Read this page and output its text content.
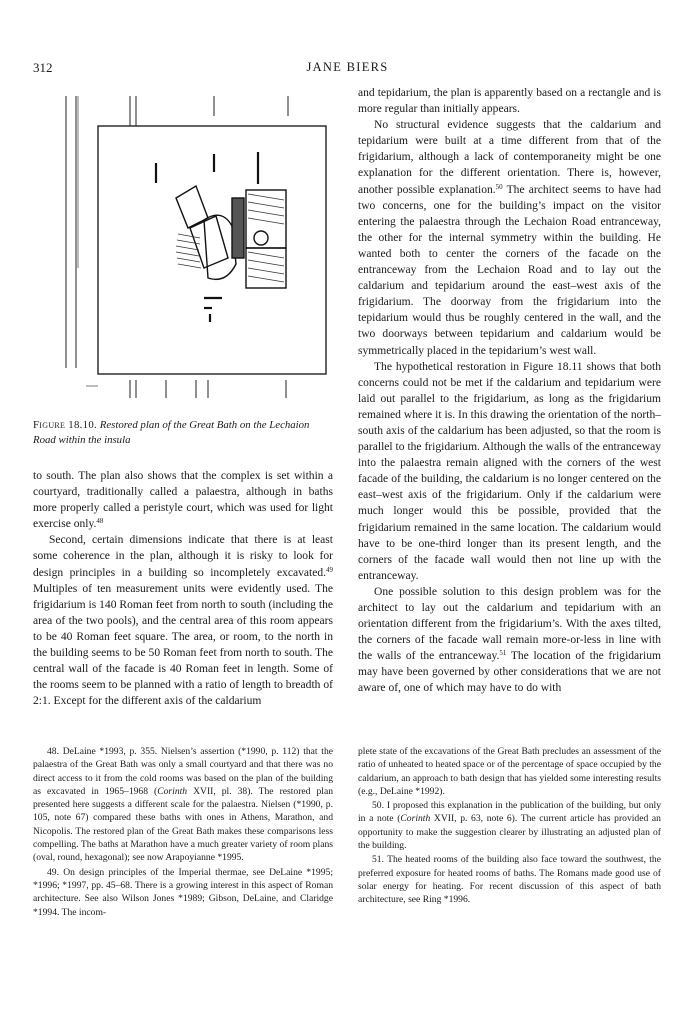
312	JANE BIERS
Figure 18.10. Restored plan of the Great Bath on the Lechaion Road within the insula

to south. The plan also shows that the complex is set within a courtyard, traditionally called a palaestra, although in baths more properly called a peristyle court, which was used for light exercise only.$^{48}$

Second, certain dimensions indicate that there is at least some coherence in the plan, although it is risky to look for design principles in a building so incompletely excavated.$^{49}$ Multiples of ten measurement units were evidently used. The frigidarium is 140 Roman feet from north to south (including the area of the two pools), and the central area of this room appears to be 40 Roman feet square. The area, or room, to the north in the building seems to be 50 Roman feet from north to south. The central wall of the facade is 40 Roman feet in length. Some of the rooms seem to be planned with a ratio of length to breadth of 2:1. Except for the different axis of the caldarium

and tepidarium, the plan is apparently based on a rectangle and is more regular than initially appears.

No structural evidence suggests that the caldarium and tepidarium were built at a time different from that of the frigidarium, although a lack of contemporaneity might be one explanation for the different orientation. There is, however, another possible explanation.$^{50}$ The architect seems to have had two concerns, one for the building’s impact on the visitor entering the palaestra through the Lechaion Road entranceway, the other for the internal symmetry within the building. He wanted both to center the corners of the facade on the entranceway from the Lechaion Road and to lay out the caldarium and tepidarium around the east–west axis of the frigidarium. The doorway from the frigidarium into the tepidarium would thus be roughly centered in the wall, and the two doorways between tepidarium and caldarium would be symmetrically placed in the tepidarium’s west wall.

The hypothetical restoration in Figure 18.11 shows that both concerns could not be met if the caldarium and tepidarium were laid out parallel to the frigidarium, as long as the frigidarium remained where it is. In this drawing the orientation of the north–south axis of the caldarium has been adjusted, so that the room is parallel to the frigidarium. Although the walls of the entranceway into the palaestra remain aligned with the corners of the west facade of the building, the caldarium is no longer centered on the east–west axis of the frigidarium. Only if the caldarium were much longer would this be possible, provided that the frigidarium remained in the same location. The caldarium would have to be one-third longer than its present length, and the corners of the facade wall would then not line up with the entranceway.

One possible solution to this design problem was for the architect to lay out the caldarium and tepidarium with an orientation different from the frigidarium’s. With the axes tilted, the corners of the facade wall remain more-or-less in line with the walls of the entranceway.$^{51}$ The location of the frigidarium may have been governed by other considerations that we are not aware of, one of which may have to do with

48. DeLaine *1993, p. 355. Nielsen’s assertion (*1990, p. 112) that the palaestra of the Great Bath was only a small courtyard and that there was no direct access to it from the cold rooms was based on the plan of the building as excavated in 1965–1968 (Corinth XVII, pl. 38). The restored plan presented here suggests a different scale for the palaestra. Nielsen (*1990, p. 105, note 67) compared these baths with ones in Athens, Marathon, and Nicopolis. The restored plan of the Great Bath makes these comparisons less compelling. The baths at Marathon have a much greater variety of room plans (oval, round, hexagonal); see now Arapoyianne *1995.

49. On design principles of the Imperial thermae, see DeLaine *1995; *1996; *1997, pp. 45–68. There is a growing interest in this aspect of Roman architecture. See also Wilson Jones *1989; Gibson, DeLaine, and Claridge *1994. The incom-

plete state of the excavations of the Great Bath precludes an assessment of the ratio of unheated to heated space or of the percentage of space occupied by the caldarium, an approach to bath design that has yielded some interesting results (e.g., DeLaine *1992).

50. I proposed this explanation in the publication of the building, but only in a note (Corinth XVII, p. 63, note 6). The current article has provided an opportunity to make the suggestion clearer by illustrating an adjusted plan of the building.

51. The heated rooms of the building also face toward the southwest, the preferred exposure for heated rooms of baths. The Romans made good use of solar energy for heating. For recent discussion of this aspect of bath architecture, see Ring *1996.
